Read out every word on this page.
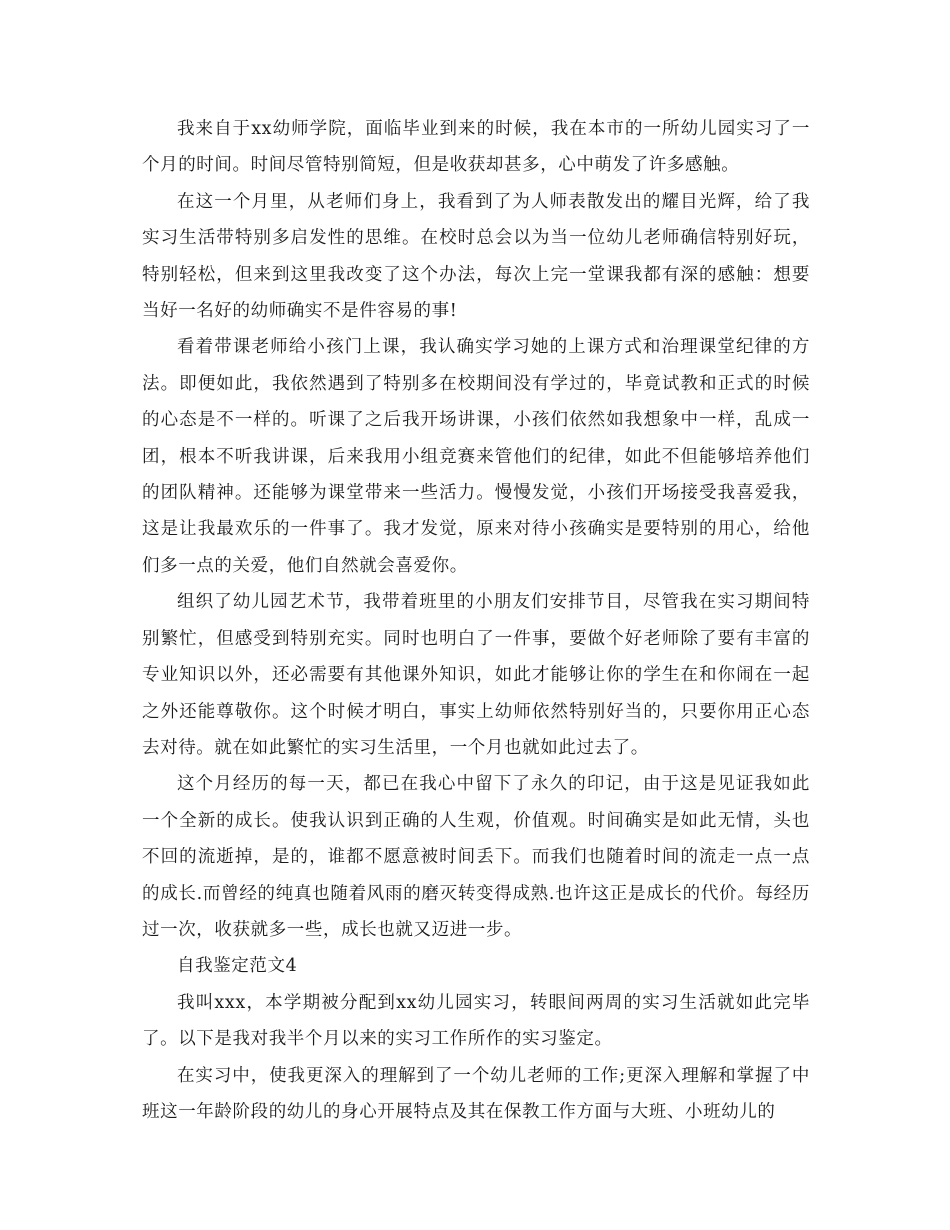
我来自于xx幼师学院，面临毕业到来的时候，我在本市的一所幼儿园实习了一个月的时间。时间尽管特别简短，但是收获却甚多，心中萌发了许多感触。

在这一个月里，从老师们身上，我看到了为人师表散发出的耀目光辉，给了我实习生活带特别多启发性的思维。在校时总会以为当一位幼儿老师确信特别好玩，特别轻松，但来到这里我改变了这个办法，每次上完一堂课我都有深的感触：想要当好一名好的幼师确实不是件容易的事!

看着带课老师给小孩门上课，我认确实学习她的上课方式和治理课堂纪律的方法。即便如此，我依然遇到了特别多在校期间没有学过的，毕竟试教和正式的时候的心态是不一样的。听课了之后我开场讲课，小孩们依然如我想象中一样，乱成一团，根本不听我讲课，后来我用小组竞赛来管他们的纪律，如此不但能够培养他们的团队精神。还能够为课堂带来一些活力。慢慢发觉，小孩们开场接受我喜爱我，这是让我最欢乐的一件事了。我才发觉，原来对待小孩确实是要特别的用心，给他们多一点的关爱，他们自然就会喜爱你。

组织了幼儿园艺术节，我带着班里的小朋友们安排节目，尽管我在实习期间特别繁忙，但感受到特别充实。同时也明白了一件事，要做个好老师除了要有丰富的专业知识以外，还必需要有其他课外知识，如此才能够让你的学生在和你闹在一起之外还能尊敬你。这个时候才明白，事实上幼师依然特别好当的，只要你用正心态去对待。就在如此繁忙的实习生活里，一个月也就如此过去了。

这个月经历的每一天，都已在我心中留下了永久的印记，由于这是见证我如此一个全新的成长。使我认识到正确的人生观，价值观。时间确实是如此无情，头也不回的流逝掉，是的，谁都不愿意被时间丢下。而我们也随着时间的流走一点一点的成长.而曾经的纯真也随着风雨的磨灭转变得成熟.也许这正是成长的代价。每经历过一次，收获就多一些，成长也就又迈进一步。

自我鉴定范文4

我叫xxx，本学期被分配到xx幼儿园实习，转眼间两周的实习生活就如此完毕了。以下是我对我半个月以来的实习工作所作的实习鉴定。

在实习中，使我更深入的理解到了一个幼儿老师的工作;更深入理解和掌握了中班这一年龄阶段的幼儿的身心开展特点及其在保教工作方面与大班、小班幼儿的
